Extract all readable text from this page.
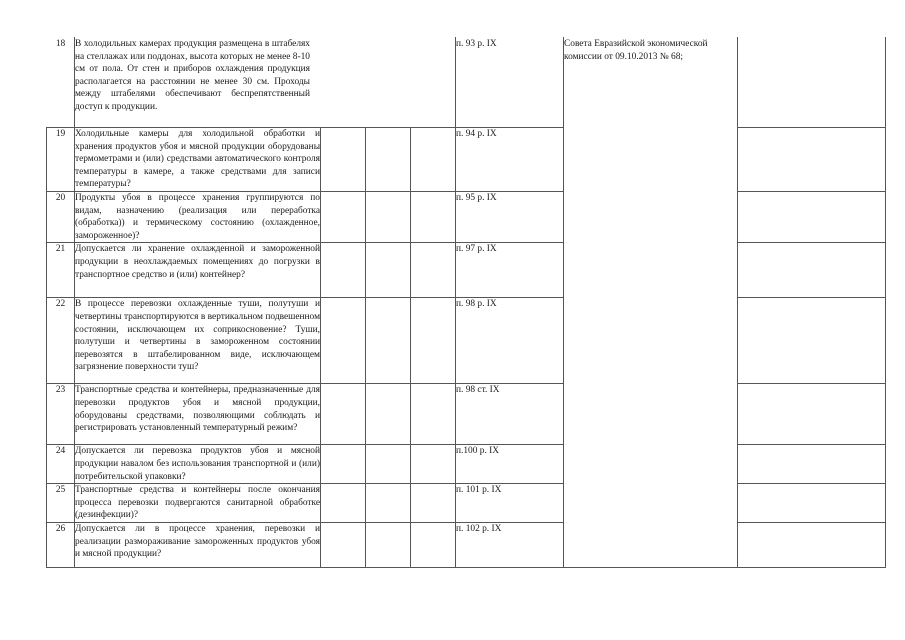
18	В холодильных камерах продукция размещена в штабелях на стеллажах или поддонах, высота которых не менее 8-10 см от пола. От стен и приборов охлаждения продукция располагается на расстоянии не менее 30 см. Проходы между штабелями обеспечивают беспрепятственный доступ к продукции.				п. 93 р. IX	Совета Евразийской экономической комиссии от 09.10.2013 № 68;	
19	Холодильные камеры для холодильной обработки и хранения продуктов убоя и мясной продукции оборудованы термометрами и (или) средствами автоматического контроля температуры в камере, а также средствами для записи температуры?				п. 94 р. IX		
20	Продукты убоя в процессе хранения группируются по видам, назначению (реализация или переработка (обработка)) и термическому состоянию (охлажденное, замороженное)?				п. 95 р. IX		
21	Допускается ли хранение охлажденной и замороженной продукции в неохлаждаемых помещениях до погрузки в транспортное средство и (или) контейнер?				п. 97 р. IX		
22	В процессе перевозки охлажденные туши, полутуши и четвертины транспортируются в вертикальном подвешенном состоянии, исключающем их соприкосновение? Туши, полутуши и четвертины в замороженном состоянии перевозятся в штабелированном виде, исключающем загрязнение поверхности туш?				п. 98 р. IX		
23	Транспортные средства и контейнеры, предназначенные для перевозки продуктов убоя и мясной продукции, оборудованы средствами, позволяющими соблюдать и регистрировать установленный температурный режим?				п. 98 ст. IX		
24	Допускается ли перевозка продуктов убоя и мясной продукции навалом без использования транспортной и (или) потребительской упаковки?				п.100 р. IX		
25	Транспортные средства и контейнеры после окончания процесса перевозки подвергаются санитарной обработке (дезинфекции)?				п. 101 р. IX		
26	Допускается ли в процессе хранения, перевозки и реализации размораживание замороженных продуктов убоя и мясной продукции?				п. 102 р. IX		
